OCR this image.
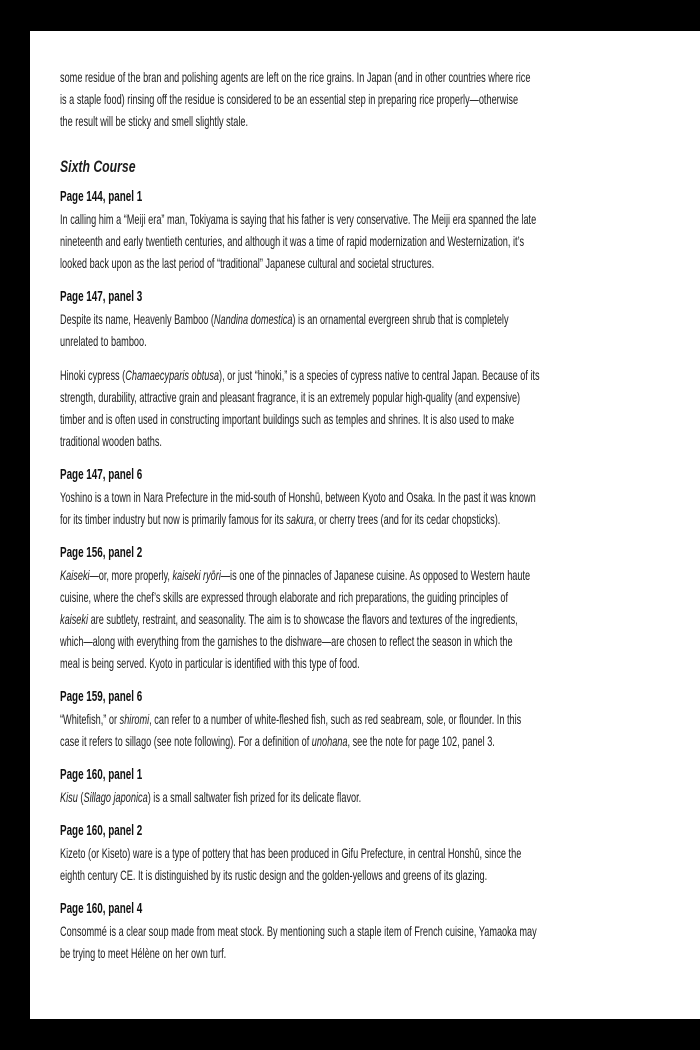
some residue of the bran and polishing agents are left on the rice grains. In Japan (and in other countries where rice
is a staple food) rinsing off the residue is considered to be an essential step in preparing rice properly—otherwise
the result will be sticky and smell slightly stale.
Sixth Course
Page 144, panel 1
In calling him a “Meiji era” man, Tokiyama is saying that his father is very conservative. The Meiji era spanned the late
nineteenth and early twentieth centuries, and although it was a time of rapid modernization and Westernization, it’s
looked back upon as the last period of “traditional” Japanese cultural and societal structures.
Page 147, panel 3
Despite its name, Heavenly Bamboo (Nandina domestica) is an ornamental evergreen shrub that is completely
unrelated to bamboo.
Hinoki cypress (Chamaecyparis obtusa), or just “hinoki,” is a species of cypress native to central Japan. Because of its
strength, durability, attractive grain and pleasant fragrance, it is an extremely popular high-quality (and expensive)
timber and is often used in constructing important buildings such as temples and shrines. It is also used to make
traditional wooden baths.
Page 147, panel 6
Yoshino is a town in Nara Prefecture in the mid-south of Honshū, between Kyoto and Osaka. In the past it was known
for its timber industry but now is primarily famous for its sakura, or cherry trees (and for its cedar chopsticks).
Page 156, panel 2
Kaiseki—or, more properly, kaiseki ryōri—is one of the pinnacles of Japanese cuisine. As opposed to Western haute
cuisine, where the chef’s skills are expressed through elaborate and rich preparations, the guiding principles of
kaiseki are subtlety, restraint, and seasonality. The aim is to showcase the flavors and textures of the ingredients,
which—along with everything from the garnishes to the dishware—are chosen to reflect the season in which the
meal is being served. Kyoto in particular is identified with this type of food.
Page 159, panel 6
“Whitefish,” or shiromi, can refer to a number of white-fleshed fish, such as red seabream, sole, or flounder. In this
case it refers to sillago (see note following). For a definition of unohana, see the note for page 102, panel 3.
Page 160, panel 1
Kisu (Sillago japonica) is a small saltwater fish prized for its delicate flavor.
Page 160, panel 2
Kizeto (or Kiseto) ware is a type of pottery that has been produced in Gifu Prefecture, in central Honshū, since the
eighth century CE. It is distinguished by its rustic design and the golden-yellows and greens of its glazing.
Page 160, panel 4
Consommé is a clear soup made from meat stock. By mentioning such a staple item of French cuisine, Yamaoka may
be trying to meet Hélène on her own turf.
